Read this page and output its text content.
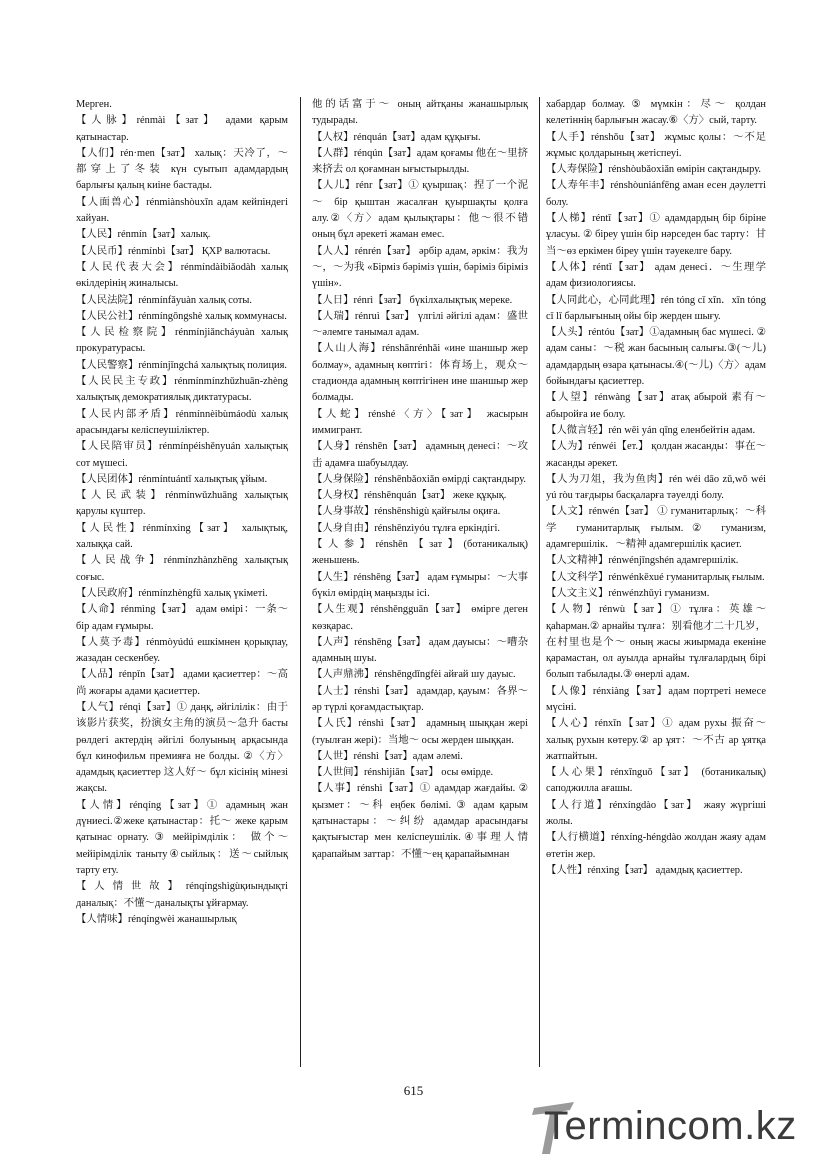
Мерген.

【人脉】rénmài【зат】 адами қарым қатынастар.

【人们】rén·men【зат】 халық：天冷了，～都穿上了冬装 күн суытып адамдардың барлығы қалың киіне бастады.

【人面兽心】rénmiànshòuxīn адам кейпіндегі хайуан.

【人民】rénmín【зат】халық.

【人民币】rénmínbì【зат】 ҚХР валютасы.

【人民代表大会】rénmíndàibiǎodàh халық өкілдерінің жиналысы.

【人民法院】rénmínfǎyuàn халық соты.

【人民公社】rénmíngōngshè халық коммунасы.

【人民检察院】rénmínjiǎncháyuàn халық прокуратурасы.

【人民警察】rénmínjǐngchá халықтық полиция.

【人民民主专政】rénmínmínzhǔzhuān-zhèng халықтық демократиялық диктатурасы.

【人民内部矛盾】rénmínnèibùmáodù халық арасындағы келіспеушіліктер.

【人民陪审员】rénmínpéishěnyuán халықтық сот мүшесі.

【人民团体】rénmíntuántǐ халықтық ұйым.

【人民武装】rénmínwǔzhuāng халықтық қарулы күштер.

【人民性】rénmínxìng【зат】 халықтық, халыққа сай.

【人民战争】rénmínzhànzhēng халықтық соғыс.

【人民政府】rénmínzhèngfǔ халық үкіметі.

【人命】rénmìng【зат】 адам өмірі：一条～бір адам ғұмыры.

【人莫予毒】rénmòyúdú ешкімнен қорықпау, жазадан сескенбеу.

【人品】rénpǐn【зат】 адами қасиеттер：～高尚 жоғары адами қасиеттер.

【人气】rénqì【зат】① даңқ, әйгілілік：由于该影片获奖，扮演女主角的演员～急升 басты рөлдегі актердің әйгілі болуының арқасында бұл кинофильм премияға не болды. ②〈方〉адамдық қасиеттер 这人好～ бұл кісінің мінезі жақсы.

【人情】rénqíng【зат】① адамның жан дүниесі.②жеке қатынастар：托～ жеке қарым қатынас орнату. ③ мейірімділік： 做个～ мейірімділік таныту④сыйлық：送～сыйлық тарту ету.

【人情世故】rénqíngshìgùқиындықті даналық：不懂～даналықты ұйғармау.

【人情味】rénqíngwèi жанашырлық

他的话富于～ оның айтқаны жанашырлық тудырады.

【人权】rénquán【зат】адам құқығы.

【人群】rénqún【зат】адам қоғамы 他在～里挤来挤去 ол қоғамнан ығыстырылды.

【人儿】rénr【зат】① қуыршақ：捏了一个泥～ бір қыштан жасалған қуыршақты қолға алу.②〈方〉адам қылықтары：他～很不错 оның бұл әрекеті жаман емес.

【人人】rénrén【зат】 әрбір адам, әркім：我为～，～为我 «Бірміз бәріміз үшін, бәріміз біріміз үшін».

【人日】rénrì【зат】 бүкілхалықтық мереке.

【人瑞】rénruì【зат】 үлгілі әйгілі адам：盛世～әлемге танымал адам.

【人山人海】rénshānrénhǎi «ине шаншыр жер болмау», адамның көптігі：体育场上，观众～стадионда адамның көптігінен ине шаншыр жер болмады.

【人蛇】rénshé〈方〉【зат】 жасырын иммигрант.

【人身】rénshēn【зат】 адамның денесі：～攻击 адамға шабуылдау.

【人身保险】rénshēnbǎoxiǎn өмірді сақтандыру.

【人身权】rénshēnquán【зат】 жеке құқық.

【人身事故】rénshēnshìgù қайғылы оқиға.

【人身自由】rénshēnzìyóu тұлға еркіндігі.

【人参】rénshēn【зат】(ботаникалық) женьшень.

【人生】rénshēng【зат】 адам ғұмыры：～大事 бүкіл өмірдің маңызды ісі.

【人生观】rénshēngguān【зат】 өмірге деген көзқарас.

【人声】rénshēng【зат】 адам дауысы：～嘈杂 адамның шуы.

【人声鼎沸】rénshēngdǐngfèi айғай шу дауыс.

【人士】rénshì【зат】 адамдар, қауым：各界～ әр түрлі қоғамдастықтар.

【人氏】rénshì【зат】 адамның шыққан жері (туылған жері)：当地～ осы жерден шыққан.

【人世】rénshì【зат】адам әлемі.

【人世间】rénshìjiān【зат】 осы өмірде.

【人事】rénshì【зат】① адамдар жағдайы. ② қызмет：～科 еңбек бөлімі. ③ адам қарым қатынастары：～纠纷 адамдар арасындағы қақтығыстар мен келіспеушілік.④事理人情 қарапайым заттар：不懂～ең қарапайымнан

хабардар болмау. ⑤ мүмкін：尽～ қолдан келетіннің барлығын жасау.⑥〈方〉сый, тарту.

【人手】rénshǒu【зат】 жұмыс қолы：～不足 жұмыс қолдарының жетіспеуі.

【人寿保险】rénshòubǎoxiǎn өмірін сақтандыру.

【人寿年丰】rénshòuniánfēng аман есен дәулетті болу.

【人梯】réntī【зат】① адамдардың бір біріне ұласуы. ② біреу үшін бір нәрседен бас тарту：甘当～өз еркімен біреу үшін тәуекелге бару.

【人体】réntǐ【зат】 адам денесі．～生理学 адам физиологиясы.

【人同此心，心同此理】rén tóng cǐ xīn．xīn tóng cǐ lǐ барлығының ойы бір жерден шығу.

【人头】réntóu【зат】①адамның бас мүшесі. ② адам саны：～税 жан басының салығы.③(～儿) адамдардың өзара қатынасы.④(～儿)〈方〉адам бойындағы қасиеттер.

【人望】rénwàng【зат】атақ абырой 素有～абыройға ие болу.

【人微言轻】rén wēi yán qīng еленбейтін адам.

【人为】rénwéi【ет.】 қолдан жасанды：事在～жасанды әрекет.

【人为刀俎，我为鱼肉】rén wéi dāo zǔ,wǒ wéi yú ròu тағдыры басқаларға тәуелді болу.

【人文】rénwén【зат】 ① гуманитарлық：～科学 гуманитарлық ғылым.② гуманизм, адамгершілік．～精神 адамгершілік қасиет.

【人文精神】rénwénjīngshén адамгершілік.

【人文科学】rénwénkēxué гуманитарлық ғылым.

【人文主义】rénwénzhǔyì гуманизм.

【人物】rénwù【зат】① тұлға：英雄～ қаһарман.② арнайы тұлға：别看他才二十几岁，在村里也是个～ оның жасы жиырмада екеніне қарамастан, ол ауылда арнайы тұлғалардың бірі болып табылады.③ өнерлі адам.

【人像】rénxiàng【зат】адам портреті немесе мүсіні.

【人心】rénxīn【зат】① адам рухы 振奋～ халық рухын көтеру.② ар ұят：～不古 ар ұятқа жатпайтын.

【人心果】rénxīnguǒ【зат】 (ботаникалық) саподжилла ағашы.

【人行道】rénxíngdào【зат】 жаяу жүргіші жолы.

【人行横道】rénxíng-héngdào жолдан жаяу адам өтетін жер.

【人性】rénxìng【зат】 адамдық қасиеттер.

615
Termincom.kz
